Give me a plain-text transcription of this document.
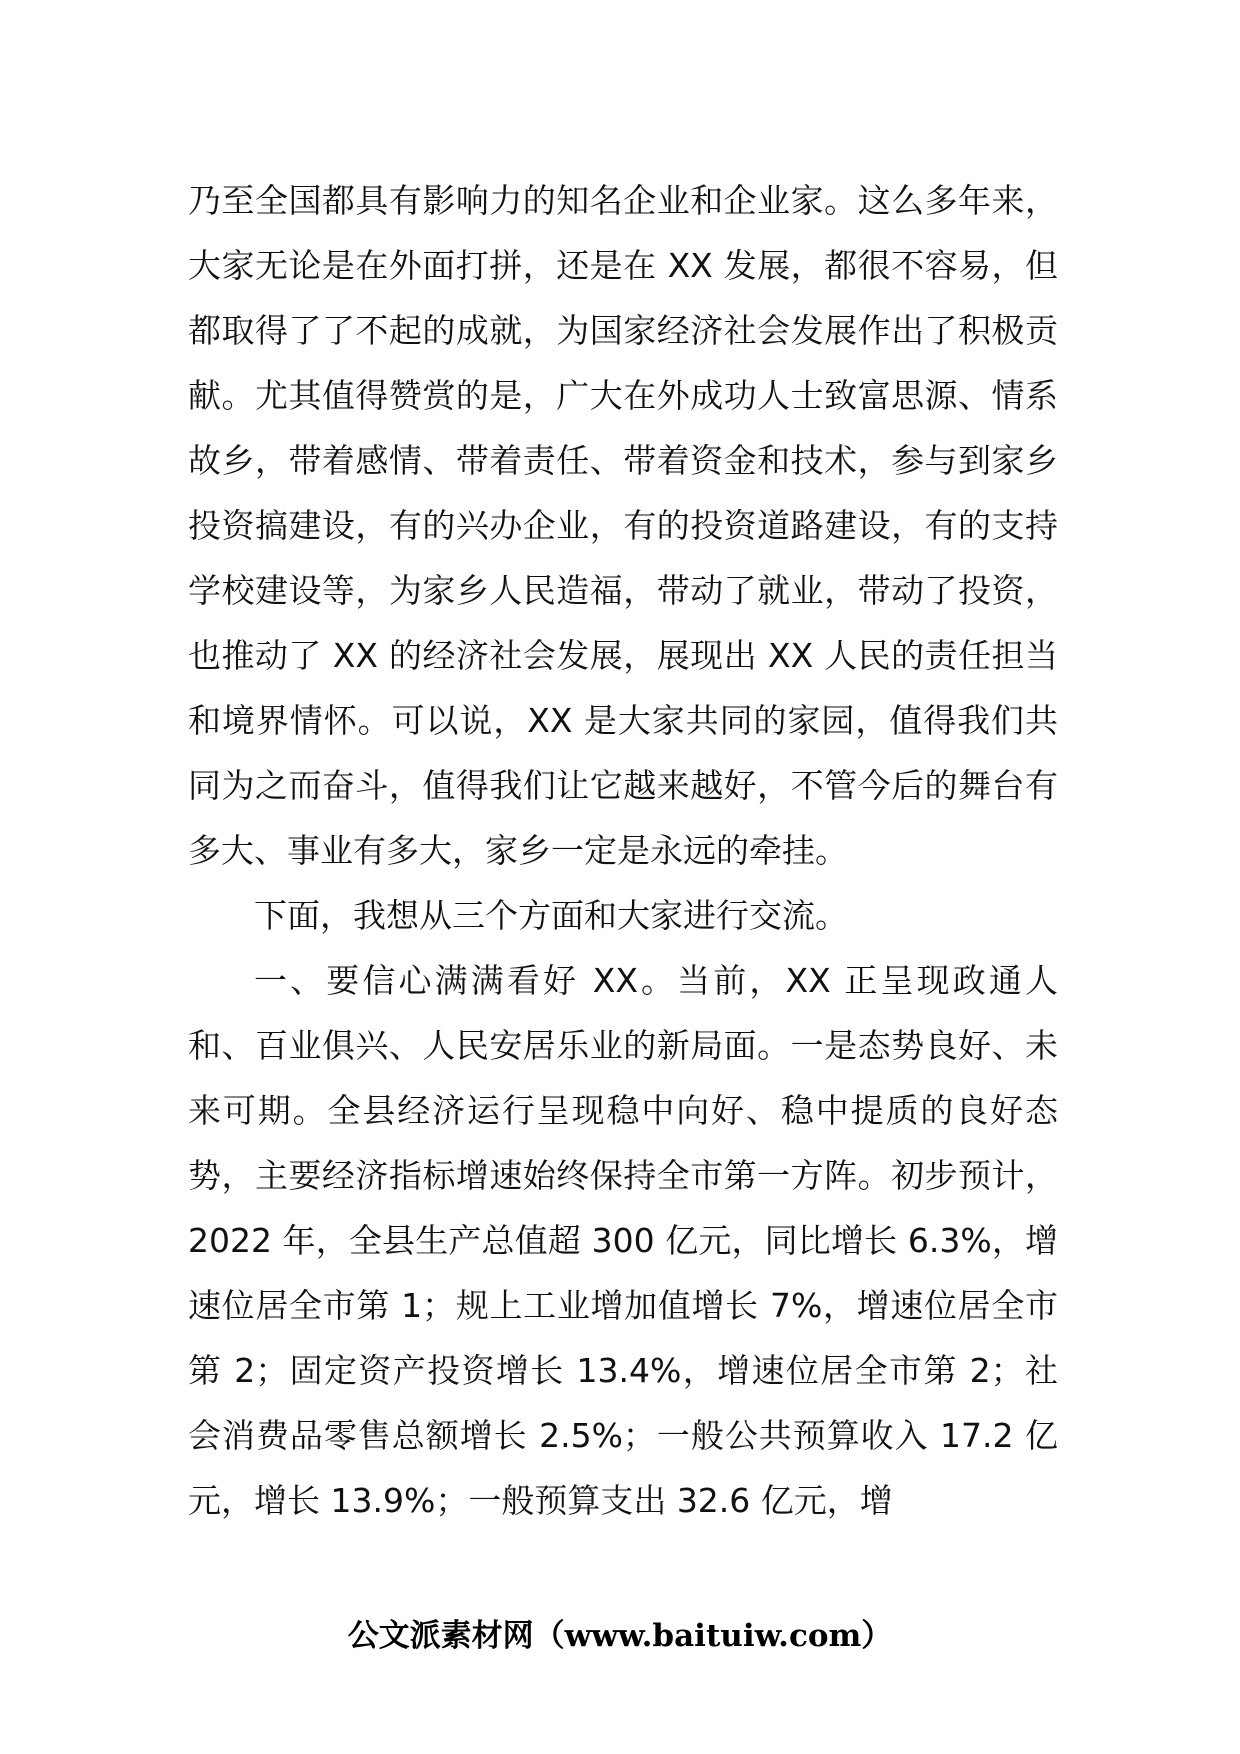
乃至全国都具有影响力的知名企业和企业家。这么多年来，大家无论是在外面打拼，还是在 XX 发展，都很不容易，但都取得了了不起的成就，为国家经济社会发展作出了积极贡献。尤其值得赞赏的是，广大在外成功人士致富思源、情系故乡，带着感情、带着责任、带着资金和技术，参与到家乡投资搞建设，有的兴办企业，有的投资道路建设，有的支持学校建设等，为家乡人民造福，带动了就业，带动了投资，也推动了 XX 的经济社会发展，展现出 XX 人民的责任担当和境界情怀。可以说，XX 是大家共同的家园，值得我们共同为之而奋斗，值得我们让它越来越好，不管今后的舞台有多大、事业有多大，家乡一定是永远的牵挂。

下面，我想从三个方面和大家进行交流。

一、要信心满满看好 XX。当前，XX 正呈现政通人和、百业俱兴、人民安居乐业的新局面。一是态势良好、未来可期。全县经济运行呈现稳中向好、稳中提质的良好态势，主要经济指标增速始终保持全市第一方阵。初步预计，2022 年，全县生产总值超 300 亿元，同比增长 6.3%，增速位居全市第 1；规上工业增加值增长 7%，增速位居全市第 2；固定资产投资增长 13.4%，增速位居全市第 2；社会消费品零售总额增长 2.5%；一般公共预算收入 17.2 亿元，增长 13.9%；一般预算支出 32.6 亿元，增

公文派素材网（www.baituiw.com）
